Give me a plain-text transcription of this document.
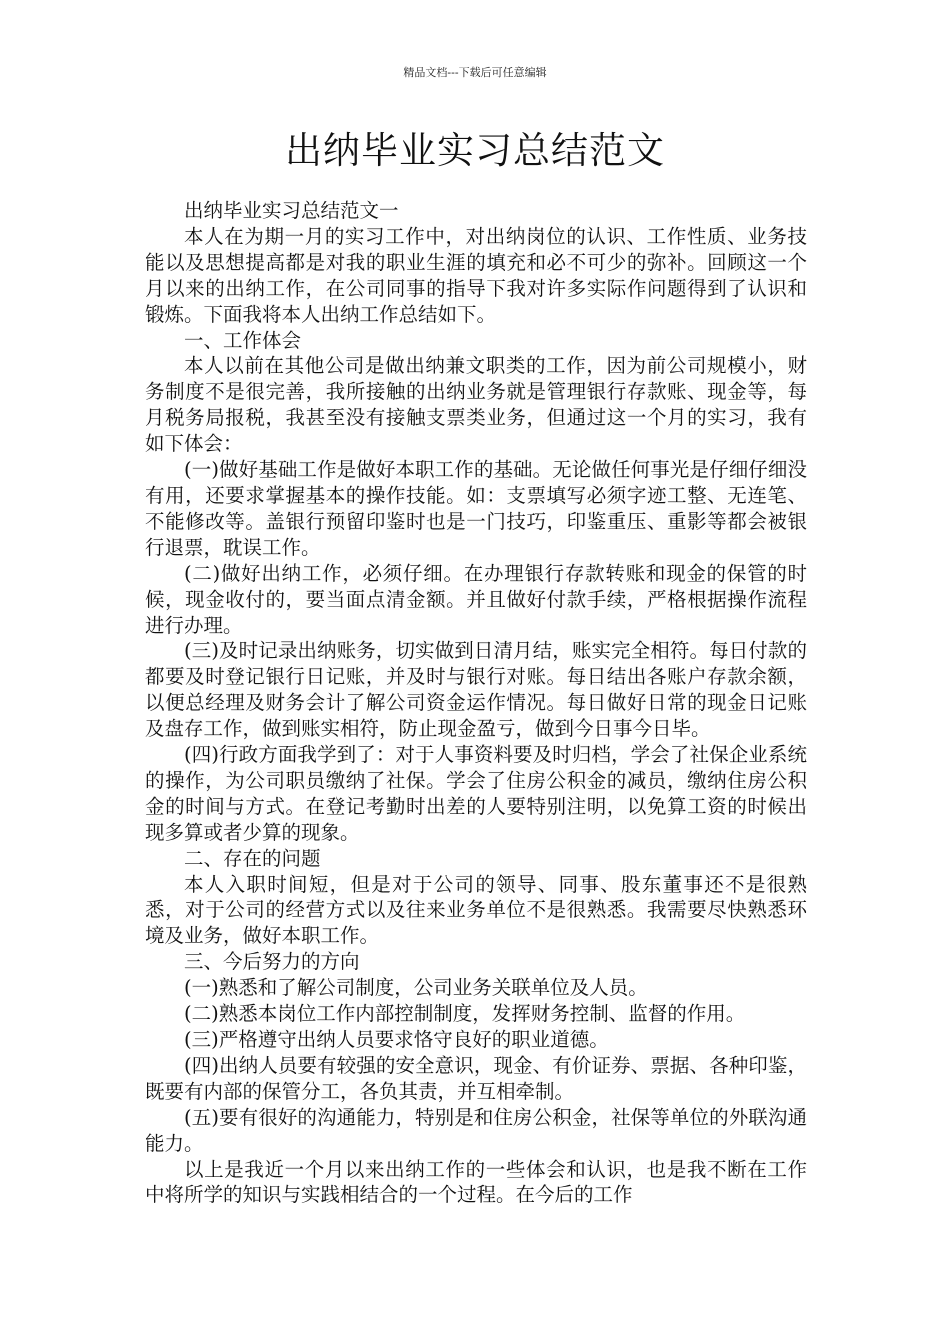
精品文档---下载后可任意编辑
出纳毕业实习总结范文

出纳毕业实习总结范文一

本人在为期一月的实习工作中，对出纳岗位的认识、工作性质、业务技能以及思想提高都是对我的职业生涯的填充和必不可少的弥补。回顾这一个月以来的出纳工作，在公司同事的指导下我对许多实际作问题得到了认识和锻炼。下面我将本人出纳工作总结如下。

一、工作体会

本人以前在其他公司是做出纳兼文职类的工作，因为前公司规模小，财务制度不是很完善，我所接触的出纳业务就是管理银行存款账、现金等，每月税务局报税，我甚至没有接触支票类业务，但通过这一个月的实习，我有如下体会：

(一)做好基础工作是做好本职工作的基础。无论做任何事光是仔细仔细没有用，还要求掌握基本的操作技能。如：支票填写必须字迹工整、无连笔、不能修改等。盖银行预留印鉴时也是一门技巧，印鉴重压、重影等都会被银行退票，耽误工作。

(二)做好出纳工作，必须仔细。在办理银行存款转账和现金的保管的时候，现金收付的，要当面点清金额。并且做好付款手续，严格根据操作流程进行办理。

(三)及时记录出纳账务，切实做到日清月结，账实完全相符。每日付款的都要及时登记银行日记账，并及时与银行对账。每日结出各账户存款余额，以便总经理及财务会计了解公司资金运作情况。每日做好日常的现金日记账及盘存工作，做到账实相符，防止现金盈亏，做到今日事今日毕。

(四)行政方面我学到了：对于人事资料要及时归档，学会了社保企业系统的操作，为公司职员缴纳了社保。学会了住房公积金的减员，缴纳住房公积金的时间与方式。在登记考勤时出差的人要特别注明，以免算工资的时候出现多算或者少算的现象。

二、存在的问题

本人入职时间短，但是对于公司的领导、同事、股东董事还不是很熟悉，对于公司的经营方式以及往来业务单位不是很熟悉。我需要尽快熟悉环境及业务，做好本职工作。

三、今后努力的方向

(一)熟悉和了解公司制度，公司业务关联单位及人员。

(二)熟悉本岗位工作内部控制制度，发挥财务控制、监督的作用。

(三)严格遵守出纳人员要求恪守良好的职业道德。

(四)出纳人员要有较强的安全意识，现金、有价证券、票据、各种印鉴，既要有内部的保管分工，各负其责，并互相牵制。

(五)要有很好的沟通能力，特别是和住房公积金，社保等单位的外联沟通能力。

以上是我近一个月以来出纳工作的一些体会和认识，也是我不断在工作中将所学的知识与实践相结合的一个过程。在今后的工作
